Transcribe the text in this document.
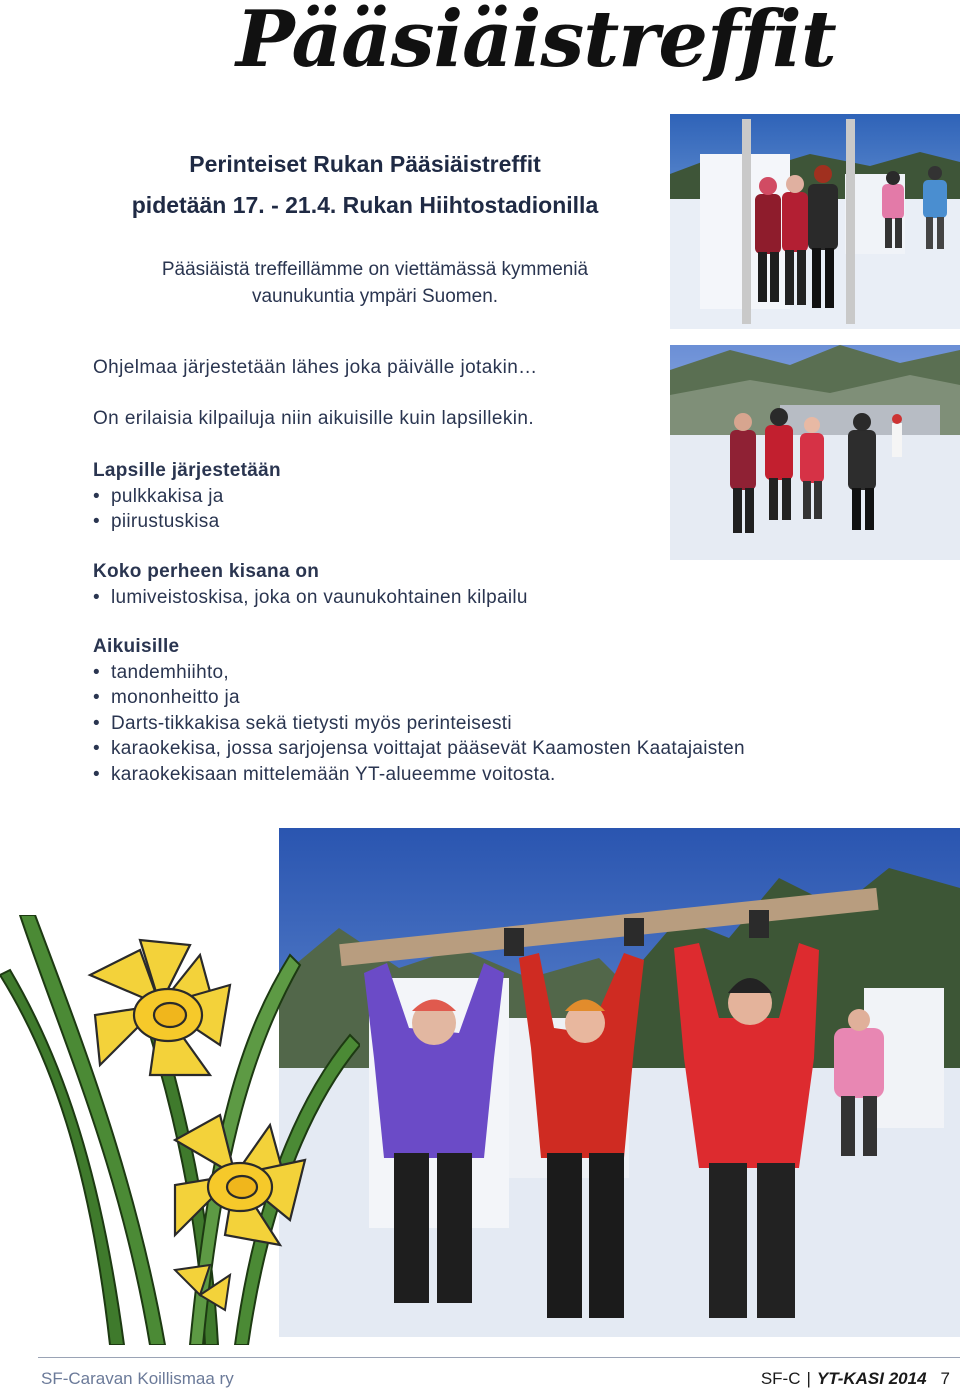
Pääsiäistreffit
Perinteiset Rukan Pääsiäistreffit
pidetään 17. - 21.4. Rukan Hiihtostadionilla
Pääsiäistä treffeillämme on viettämässä kymmeniä
vaunukuntia ympäri Suomen.
Ohjelmaa järjestetään lähes joka päivälle jotakin…
On erilaisia kilpailuja niin aikuisille kuin lapsillekin.
Lapsille järjestetään
• pulkkakisa ja
• piirustuskisa
Koko perheen kisana on
• lumiveistoskisa, joka on vaunukohtainen kilpailu
Aikuisille
• tandemhiihto,
• mononheitto ja
• Darts-tikkakisa sekä tietysti myös perinteisesti
• karaokekisa, jossa sarjojensa voittajat pääsevät Kaamosten Kaatajaisten
• karaokekisaan mittelemään YT-alueemme voitosta.
SF-Caravan Koillismaa ry	SF-C | YT-KASI 2014 7
